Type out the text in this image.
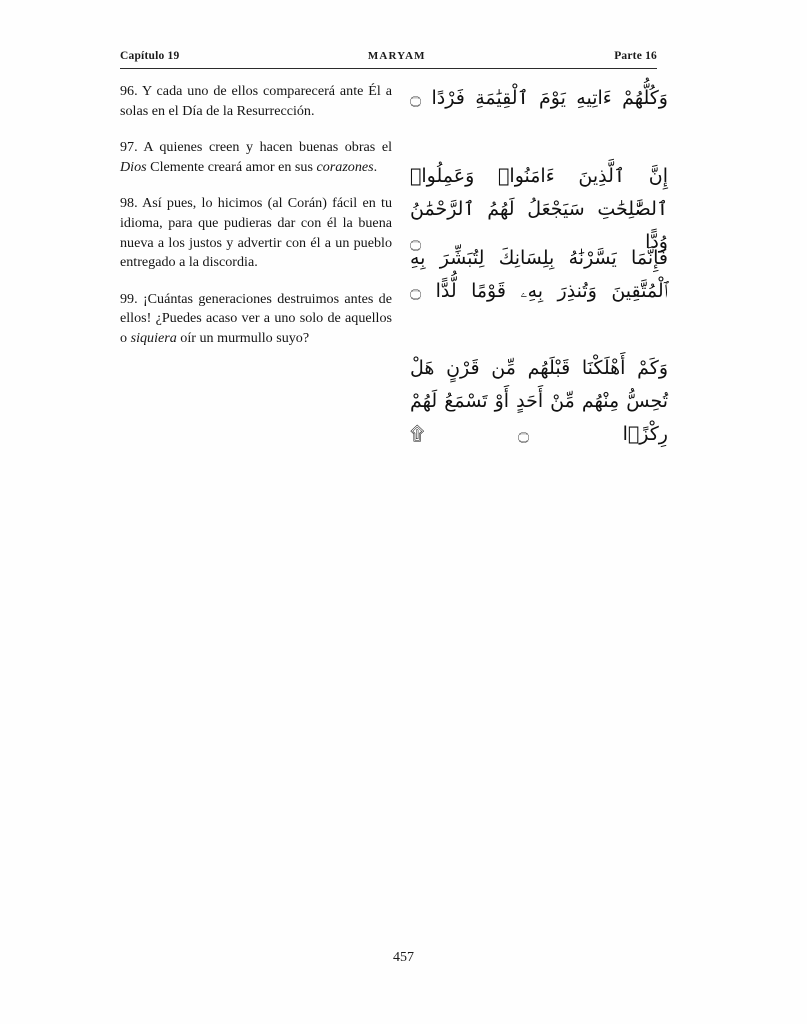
Capítulo 19	MARYAM	Parte 16

96. Y cada uno de ellos comparecerá ante Él a solas en el Día de la Resurrección.

97. A quienes creen y hacen buenas obras el Dios Clemente creará amor en sus corazones.

98. Así pues, lo hicimos (al Corán) fácil en tu idioma, para que pudieras dar con él la buena nueva a los justos y advertir con él a un pueblo entregado a la discordia.

99. ¡Cuántas generaciones destruimos antes de ellos! ¿Puedes acaso ver a uno solo de aquellos o siquiera oír un murmullo suyo?

وَكُلُّهُمْ ءَاتِيهِ يَوْمَ ٱلْقِيَٰمَةِ فَرْدًا ۝

إِنَّ ٱلَّذِينَ ءَامَنُوا۟ وَعَمِلُوا۟ ٱلصَّٰلِحَٰتِ سَيَجْعَلُ لَهُمُ ٱلرَّحْمَٰنُ وُدًّا ۝

فَإِنَّمَا يَسَّرْنَٰهُ بِلِسَانِكَ لِتُبَشِّرَ بِهِ ٱلْمُتَّقِينَ وَتُنذِرَ بِهِۦ قَوْمًا لُّدًّا ۝

وَكَمْ أَهْلَكْنَا قَبْلَهُم مِّن قَرْنٍ هَلْ تُحِسُّ مِنْهُم مِّنْ أَحَدٍ أَوْ تَسْمَعُ لَهُمْ رِكْزًۢا ۝ ۩

457
